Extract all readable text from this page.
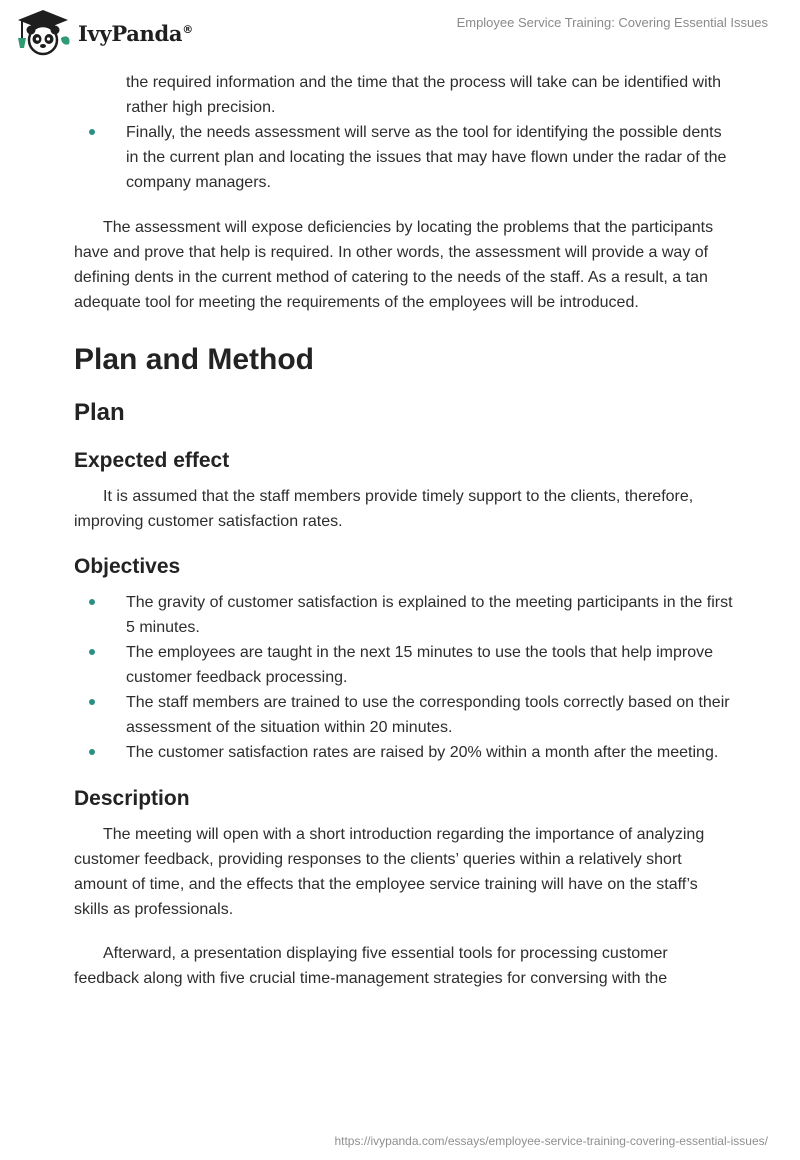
IvyPanda®	Employee Service Training: Covering Essential Issues
the required information and the time that the process will take can be identified with rather high precision.
Finally, the needs assessment will serve as the tool for identifying the possible dents in the current plan and locating the issues that may have flown under the radar of the company managers.

The assessment will expose deficiencies by locating the problems that the participants have and prove that help is required. In other words, the assessment will provide a way of defining dents in the current method of catering to the needs of the staff. As a result, a tan adequate tool for meeting the requirements of the employees will be introduced.

Plan and Method
Plan
Expected effect

It is assumed that the staff members provide timely support to the clients, therefore, improving customer satisfaction rates.

Objectives
The gravity of customer satisfaction is explained to the meeting participants in the first 5 minutes.
The employees are taught in the next 15 minutes to use the tools that help improve customer feedback processing.
The staff members are trained to use the corresponding tools correctly based on their assessment of the situation within 20 minutes.
The customer satisfaction rates are raised by 20% within a month after the meeting.
Description

The meeting will open with a short introduction regarding the importance of analyzing customer feedback, providing responses to the clients’ queries within a relatively short amount of time, and the effects that the employee service training will have on the staff’s skills as professionals.

Afterward, a presentation displaying five essential tools for processing customer feedback along with five crucial time-management strategies for conversing with the

https://ivypanda.com/essays/employee-service-training-covering-essential-issues/
